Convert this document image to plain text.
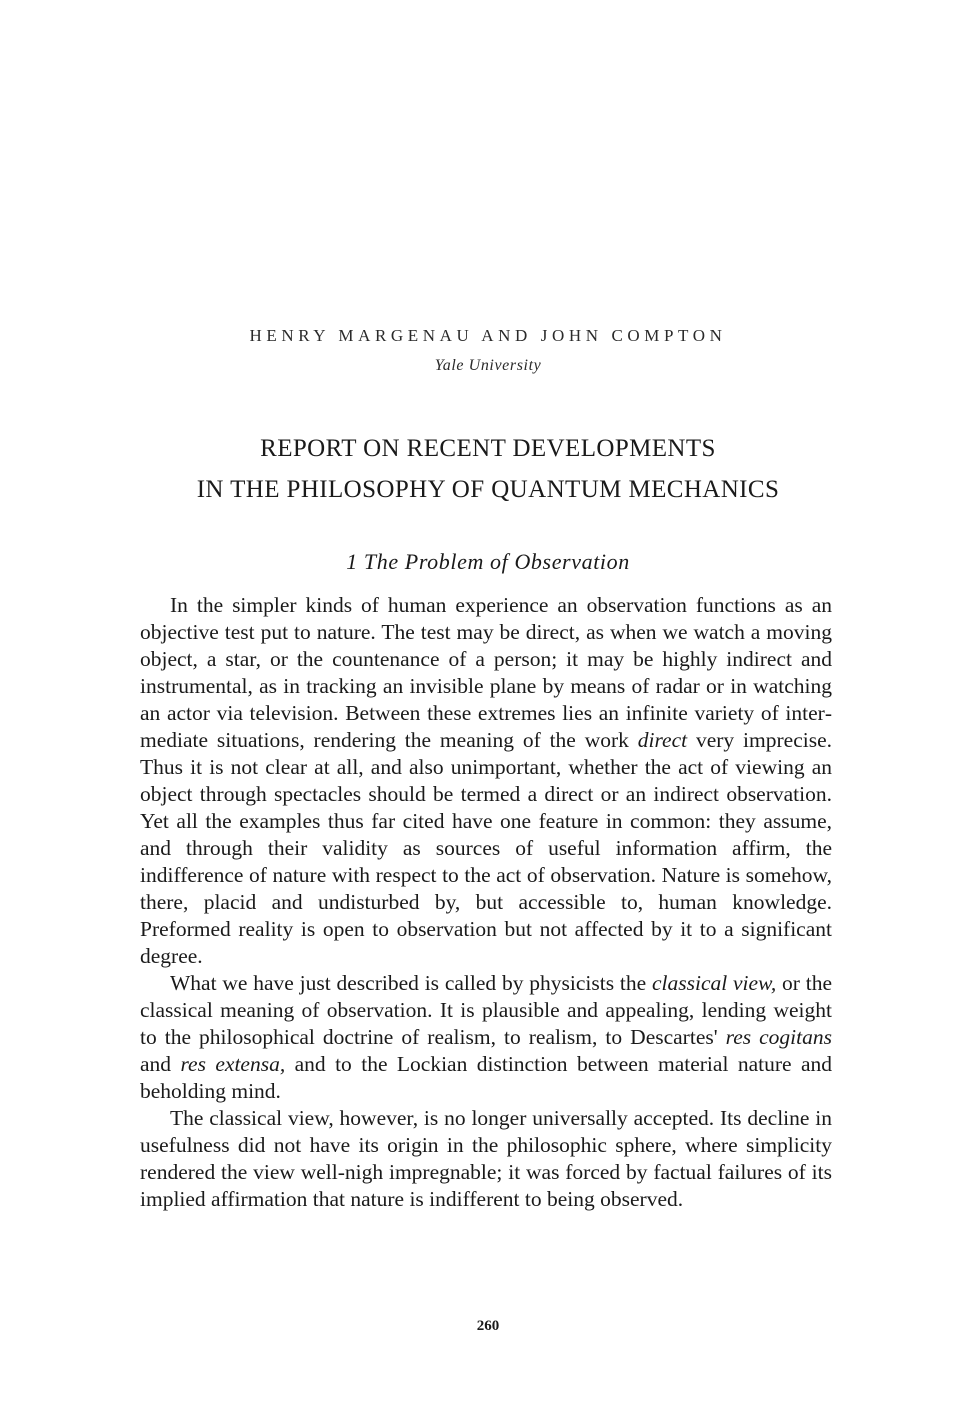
HENRY MARGENAU AND JOHN COMPTON
Yale University
REPORT ON RECENT DEVELOPMENTS
IN THE PHILOSOPHY OF QUANTUM MECHANICS
1 The Problem of Observation

In the simpler kinds of human experience an observation functions as an objective test put to nature. The test may be direct, as when we watch a moving object, a star, or the countenance of a person; it may be highly indirect and instrumental, as in tracking an invisible plane by means of radar or in watching an actor via television. Between these extremes lies an infinite variety of intermediate situations, rendering the meaning of the work direct very imprecise. Thus it is not clear at all, and also unimportant, whether the act of viewing an object through spectacles should be termed a direct or an indirect observation. Yet all the examples thus far cited have one feature in common: they assume, and through their validity as sources of useful information affirm, the indifference of nature with respect to the act of observation. Nature is somehow, there, placid and undisturbed by, but accessible to, human knowledge. Preformed reality is open to observation but not affected by it to a significant degree.

What we have just described is called by physicists the classical view, or the classical meaning of observation. It is plausible and appealing, lending weight to the philosophical doctrine of realism, to realism, to Descartes' res cogitans and res extensa, and to the Lockian distinction between material nature and beholding mind.

The classical view, however, is no longer universally accepted. Its decline in usefulness did not have its origin in the philosophic sphere, where simplicity rendered the view well-nigh impregnable; it was forced by factual failures of its implied affirmation that nature is indifferent to being observed.

260
